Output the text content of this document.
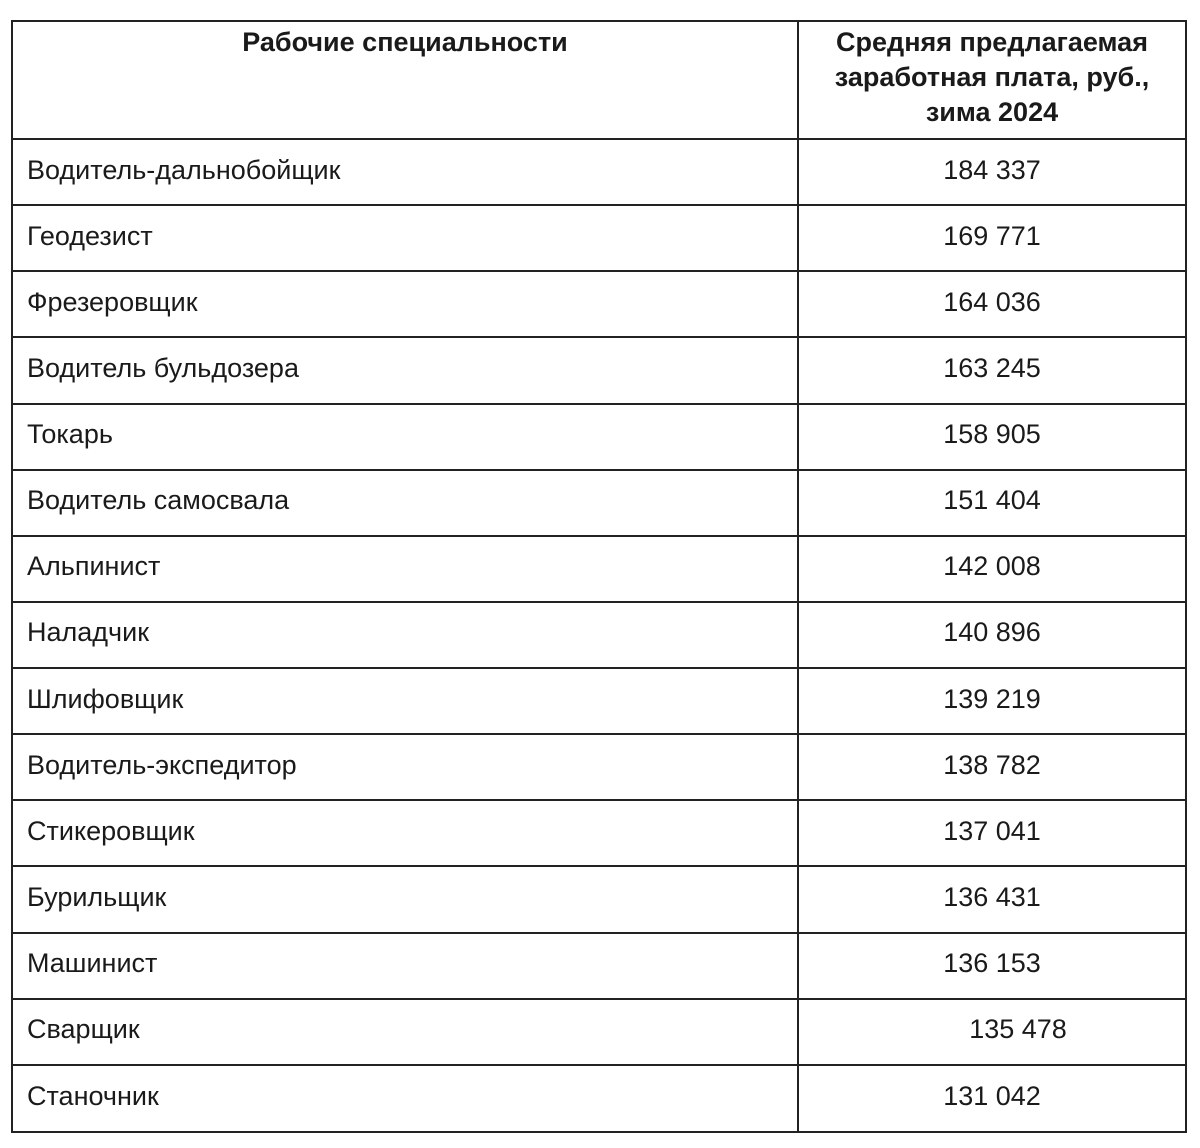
Рабочие специальности	Средняя предлагаемая
заработная плата, руб.,
зима 2024

Водитель-дальнобойщик	184 337
Геодезист	169 771
Фрезеровщик	164 036
Водитель бульдозера	163 245
Токарь	158 905
Водитель самосвала	151 404
Альпинист	142 008
Наладчик	140 896
Шлифовщик	139 219
Водитель-экспедитор	138 782
Стикеровщик	137 041
Бурильщик	136 431
Машинист	136 153
Сварщик	135 478
Станочник	131 042
